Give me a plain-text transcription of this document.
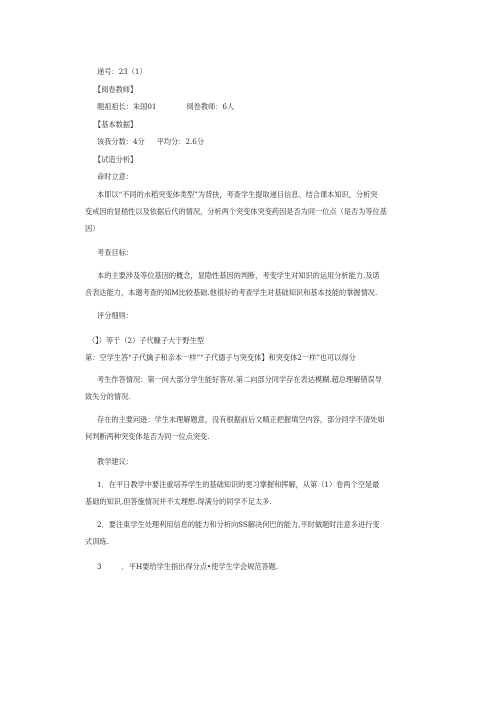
递号：23（1）
【阅卷教师】
题祖祖长：朱国01	阅卷教师：6人
【基本数据】
该我分数：4分 平均分：2.6分
【试造分析】
命时立意：
本即以“不同的水稻突变体类型”为背抉，考查学生提取递目信息、结合课本知识，分析突
变戒因的显嵇性以及依据后代的情况，分析两个突变体突变药因是否为同一位点（是否为等位基
因）
考查目标：
本的主要涉及等位基因的概念，显隐性基因的判断，考变学生对知识的运用分析能力.及诺
音表达能力，本邈考查的知M比较基础.他很好的考查学生对基础知识和基本技能的掌握情况.
评分细则：
（】）等于（2）子代糠子大于野生型
第：空学生答“子代擒子和亲本一样”“子代德子与突变体】和突变体2一样”也可以得分
考生作答情况：第一问大部分学生能好答对.第二向部分同学存在表达模糊.超总理解错误导
致失分的情况.
存在的主要问逊：学生未理解题意，没有根据前后文精正把握填空内容，部分同学不清处如
何判断两种突变体是否为同一位点突变.
教学建议：
1．在平日教学中要注重培养学生的基础知识的更习掌握和挥解，从第（1）卷两个空是最
基础的知识,但答施情况并不太理想.得满分的同学不足太多.
2．要注東学生处理利用信息的能力和分析向SS解决何巴的能力,平时做题时注意多进行变
式训练.
3	．平H要给学生指出得分点•使学生学会规范答题.
